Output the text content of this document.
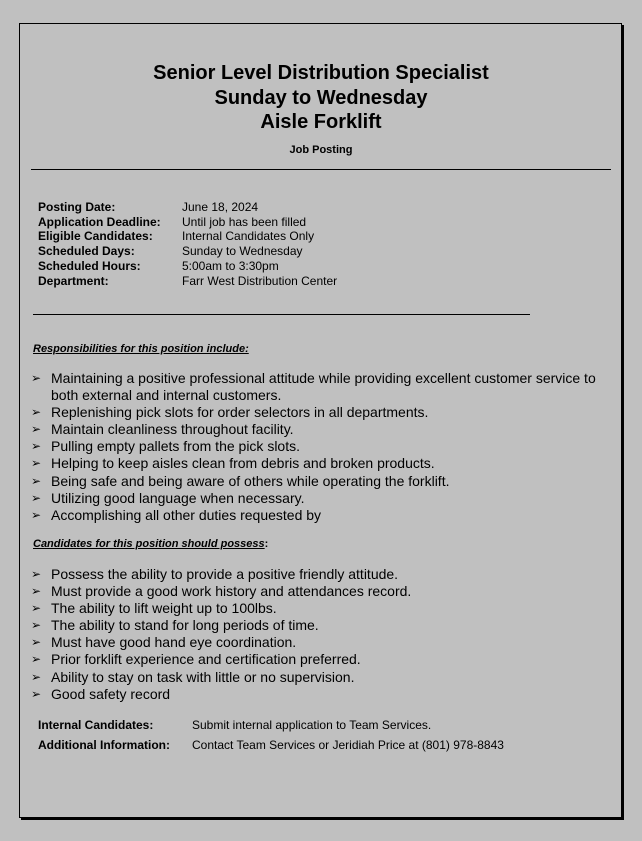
Senior Level Distribution Specialist
Sunday to Wednesday
Aisle Forklift
Job Posting
Posting Date:	June 18, 2024
Application Deadline:	Until job has been filled
Eligible Candidates:	Internal Candidates Only
Scheduled Days:	Sunday to Wednesday
Scheduled Hours:	5:00am to 3:30pm
Department:	Farr West Distribution Center
Responsibilities for this position include:
➢ Maintaining a positive professional attitude while providing excellent customer service to both external and internal customers.
➢ Replenishing pick slots for order selectors in all departments.
➢ Maintain cleanliness throughout facility.
➢ Pulling empty pallets from the pick slots.
➢ Helping to keep aisles clean from debris and broken products.
➢ Being safe and being aware of others while operating the forklift.
➢ Utilizing good language when necessary.
➢ Accomplishing all other duties requested by
Candidates for this position should possess:
➢ Possess the ability to provide a positive friendly attitude.
➢ Must provide a good work history and attendances record.
➢ The ability to lift weight up to 100lbs.
➢ The ability to stand for long periods of time.
➢ Must have good hand eye coordination.
➢ Prior forklift experience and certification preferred.
➢ Ability to stay on task with little or no supervision.
➢ Good safety record
Internal Candidates:	Submit internal application to Team Services.
Additional Information:	Contact Team Services or Jeridiah Price at (801) 978-8843
